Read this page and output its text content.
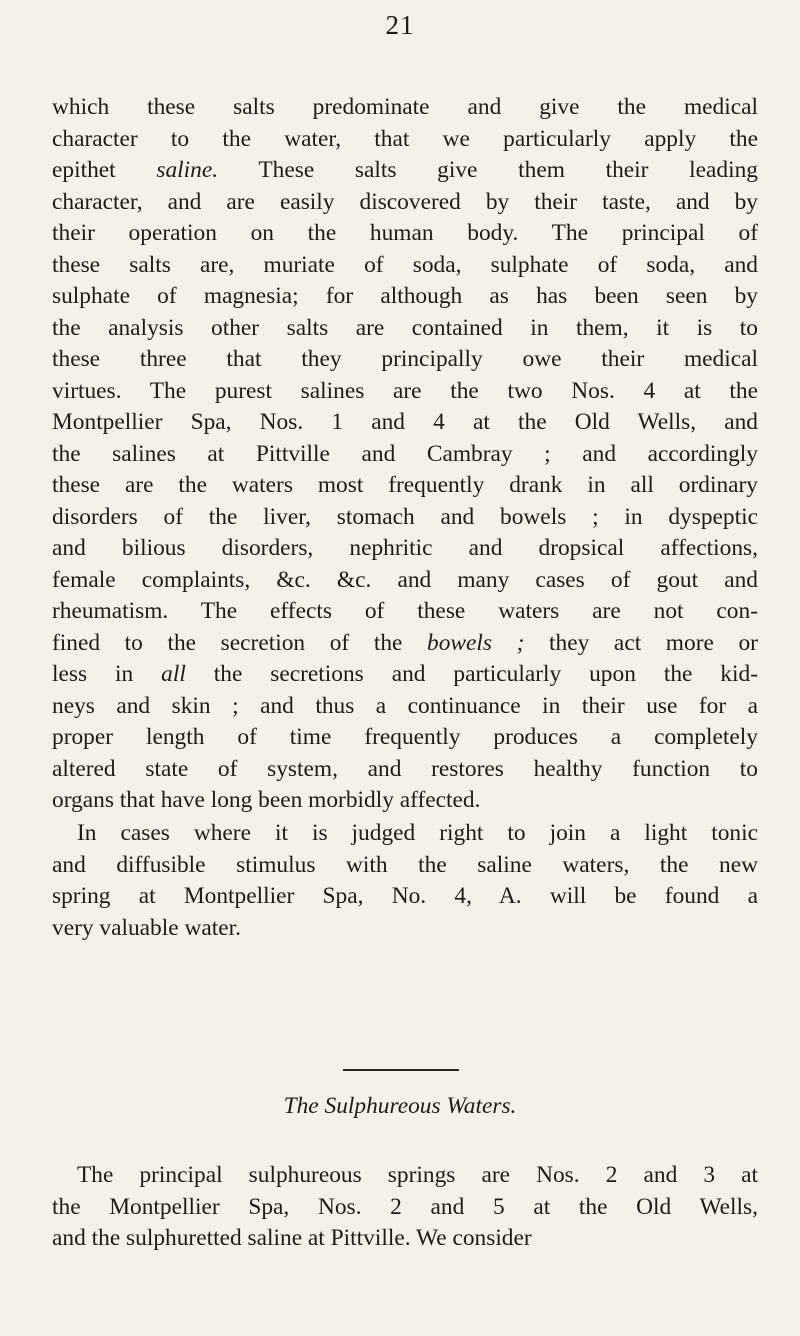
21
which these salts predominate and give the medical
character to the water, that we particularly apply the
epithet saline. These salts give them their leading
character, and are easily discovered by their taste, and by
their operation on the human body. The principal of
these salts are, muriate of soda, sulphate of soda, and
sulphate of magnesia; for although as has been seen by
the analysis other salts are contained in them, it is to
these three that they principally owe their medical
virtues. The purest salines are the two Nos. 4 at the
Montpellier Spa, Nos. 1 and 4 at the Old Wells, and
the salines at Pittville and Cambray ; and accordingly
these are the waters most frequently drank in all ordinary
disorders of the liver, stomach and bowels ; in dyspeptic
and bilious disorders, nephritic and dropsical affections,
female complaints, &c. &c. and many cases of gout and
rheumatism. The effects of these waters are not con-
fined to the secretion of the bowels ; they act more or
less in all the secretions and particularly upon the kid-
neys and skin ; and thus a continuance in their use for a
proper length of time frequently produces a completely
altered state of system, and restores healthy function to
organs that have long been morbidly affected.
In cases where it is judged right to join a light tonic
and diffusible stimulus with the saline waters, the new
spring at Montpellier Spa, No. 4, A. will be found a
very valuable water.
The Sulphureous Waters.
The principal sulphureous springs are Nos. 2 and 3 at
the Montpellier Spa, Nos. 2 and 5 at the Old Wells,
and the sulphuretted saline at Pittville. We consider
